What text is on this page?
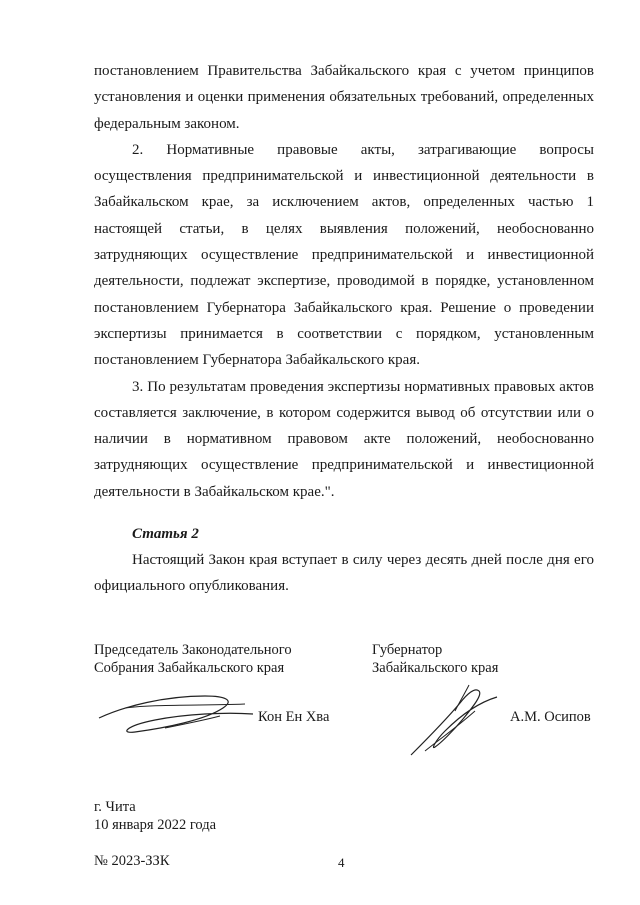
постановлением Правительства Забайкальского края с учетом принципов установления и оценки применения обязательных требований, определенных федеральным законом.

2. Нормативные правовые акты, затрагивающие вопросы осуществления предпринимательской и инвестиционной деятельности в Забайкальском крае, за исключением актов, определенных частью 1 настоящей статьи, в целях выявления положений, необоснованно затрудняющих осуществление предпринимательской и инвестиционной деятельности, подлежат экспертизе, проводимой в порядке, установленном постановлением Губернатора Забайкальского края. Решение о проведении экспертизы принимается в соответствии с порядком, установленным постановлением Губернатора Забайкальского края.

3. По результатам проведения экспертизы нормативных правовых актов составляется заключение, в котором содержится вывод об отсутствии или о наличии в нормативном правовом акте положений, необоснованно затрудняющих осуществление предпринимательской и инвестиционной деятельности в Забайкальском крае.".

Статья 2

Настоящий Закон края вступает в силу через десять дней после дня его официального опубликования.

Председатель Законодательного
Собрания Забайкальского края
Губернатор
Забайкальского края
Кон Ен Хва	А.М. Осипов
г. Чита
10 января 2022 года
№ 2023-ЗЗК	4
